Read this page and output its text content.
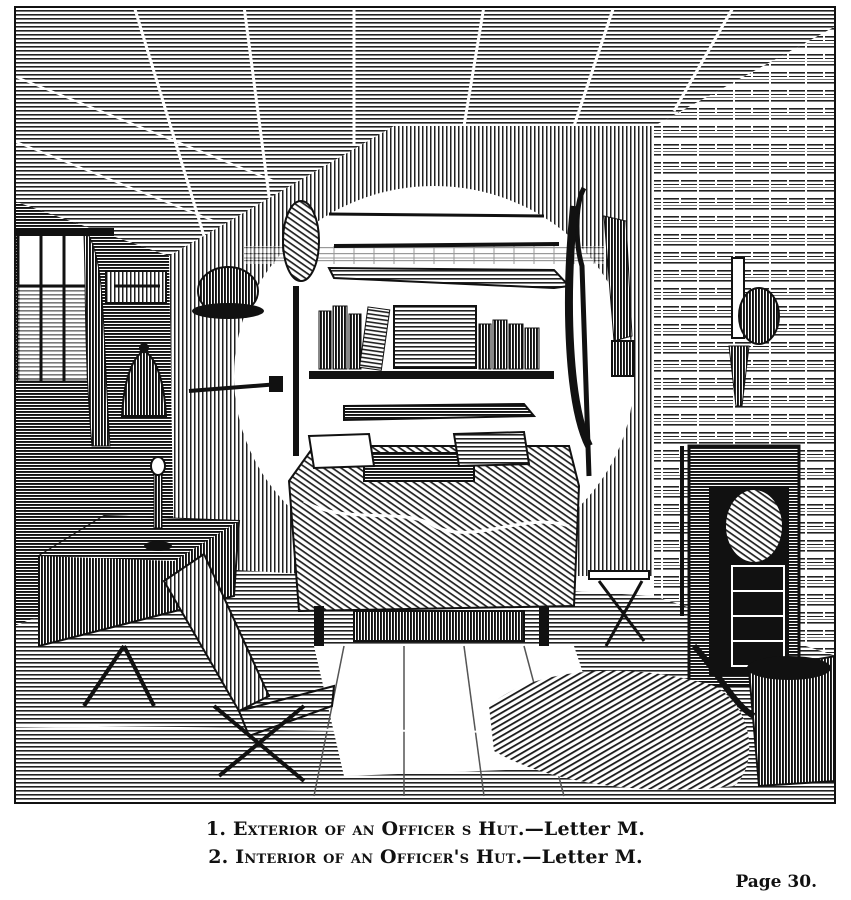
1. Exterior of an Officer s Hut.—Letter M.
2. Interior of an Officer's Hut.—Letter M.
Page 30.
